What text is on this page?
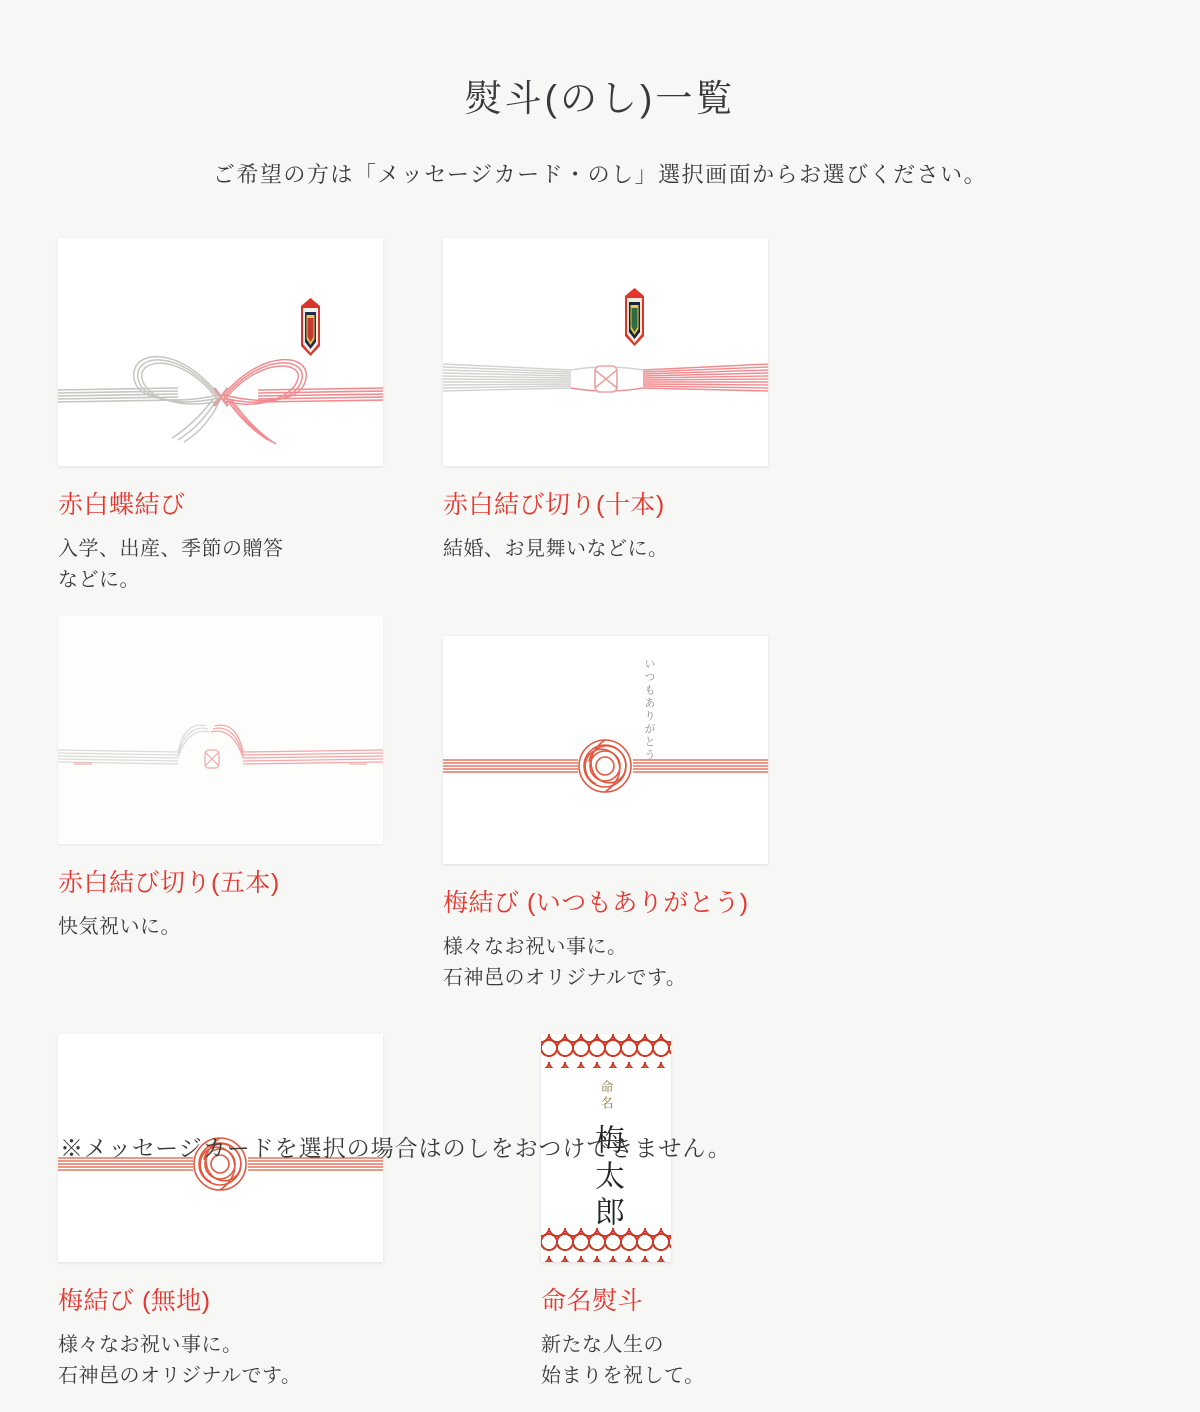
熨斗(のし)一覧

ご希望の方は「メッセージカード・のし」選択画面からお選びください。

赤白蝶結び
入学、出産、季節の贈答
などに。
赤白結び切り(十本)
結婚、お見舞いなどに。
赤白結び切り(五本)
快気祝いに。
いつもありがとう
梅結び (いつもありがとう)
様々なお祝い事に。
石神邑のオリジナルです。
梅結び (無地)
様々なお祝い事に。
石神邑のオリジナルです。
命名
梅太郎
命名熨斗
新たな人生の
始まりを祝して。
※メッセージカードを選択の場合はのしをおつけできません。
